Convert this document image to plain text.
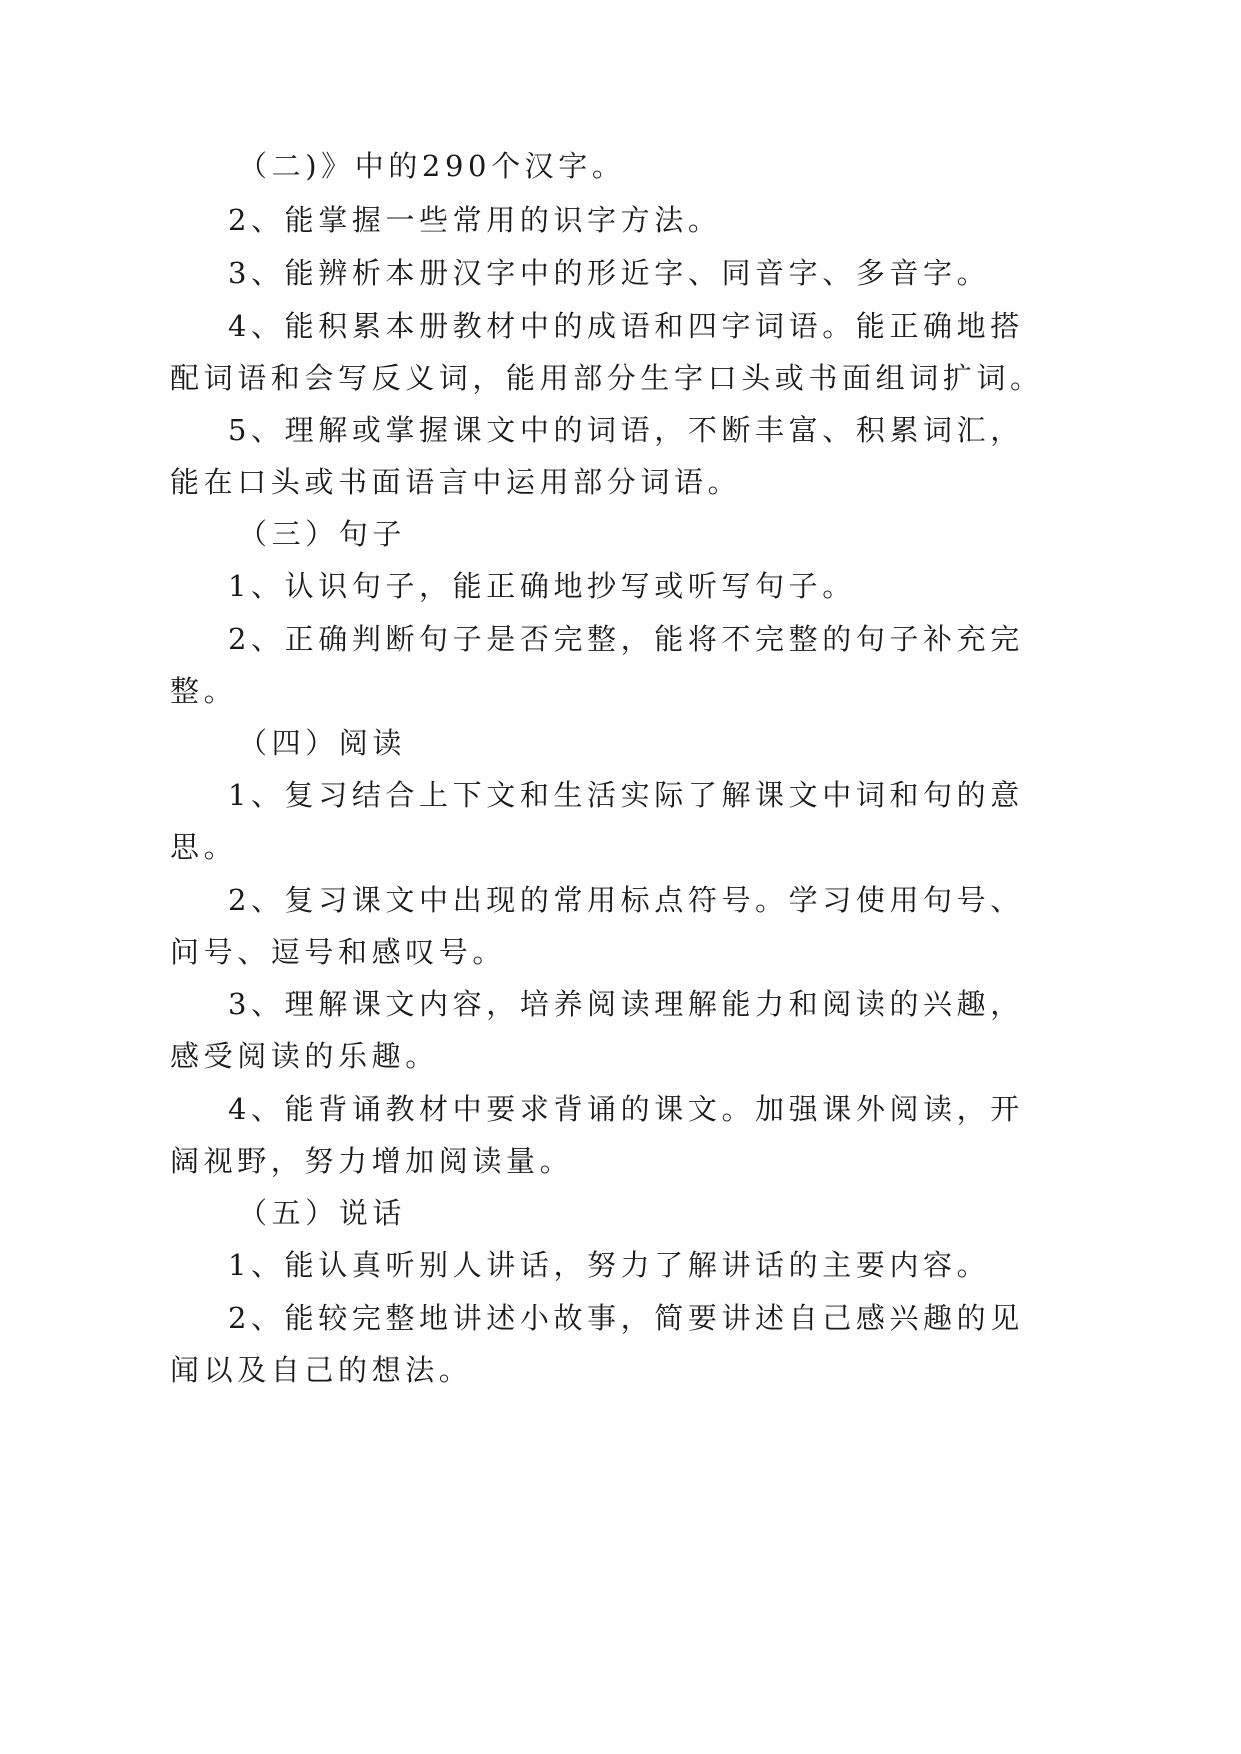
（二)》中的290个汉字。
2、能掌握一些常用的识字方法。
3、能辨析本册汉字中的形近字、同音字、多音字。
4、能积累本册教材中的成语和四字词语。能正确地搭
配词语和会写反义词，能用部分生字口头或书面组词扩词。
5、理解或掌握课文中的词语，不断丰富、积累词汇，
能在口头或书面语言中运用部分词语。
（三）句子
1、认识句子，能正确地抄写或听写句子。
2、正确判断句子是否完整，能将不完整的句子补充完
整。
（四）阅读
1、复习结合上下文和生活实际了解课文中词和句的意
思。
2、复习课文中出现的常用标点符号。学习使用句号、
问号、逗号和感叹号。
3、理解课文内容，培养阅读理解能力和阅读的兴趣，
感受阅读的乐趣。
4、能背诵教材中要求背诵的课文。加强课外阅读，开
阔视野，努力增加阅读量。
（五）说话
1、能认真听别人讲话，努力了解讲话的主要内容。
2、能较完整地讲述小故事，简要讲述自己感兴趣的见
闻以及自己的想法。
